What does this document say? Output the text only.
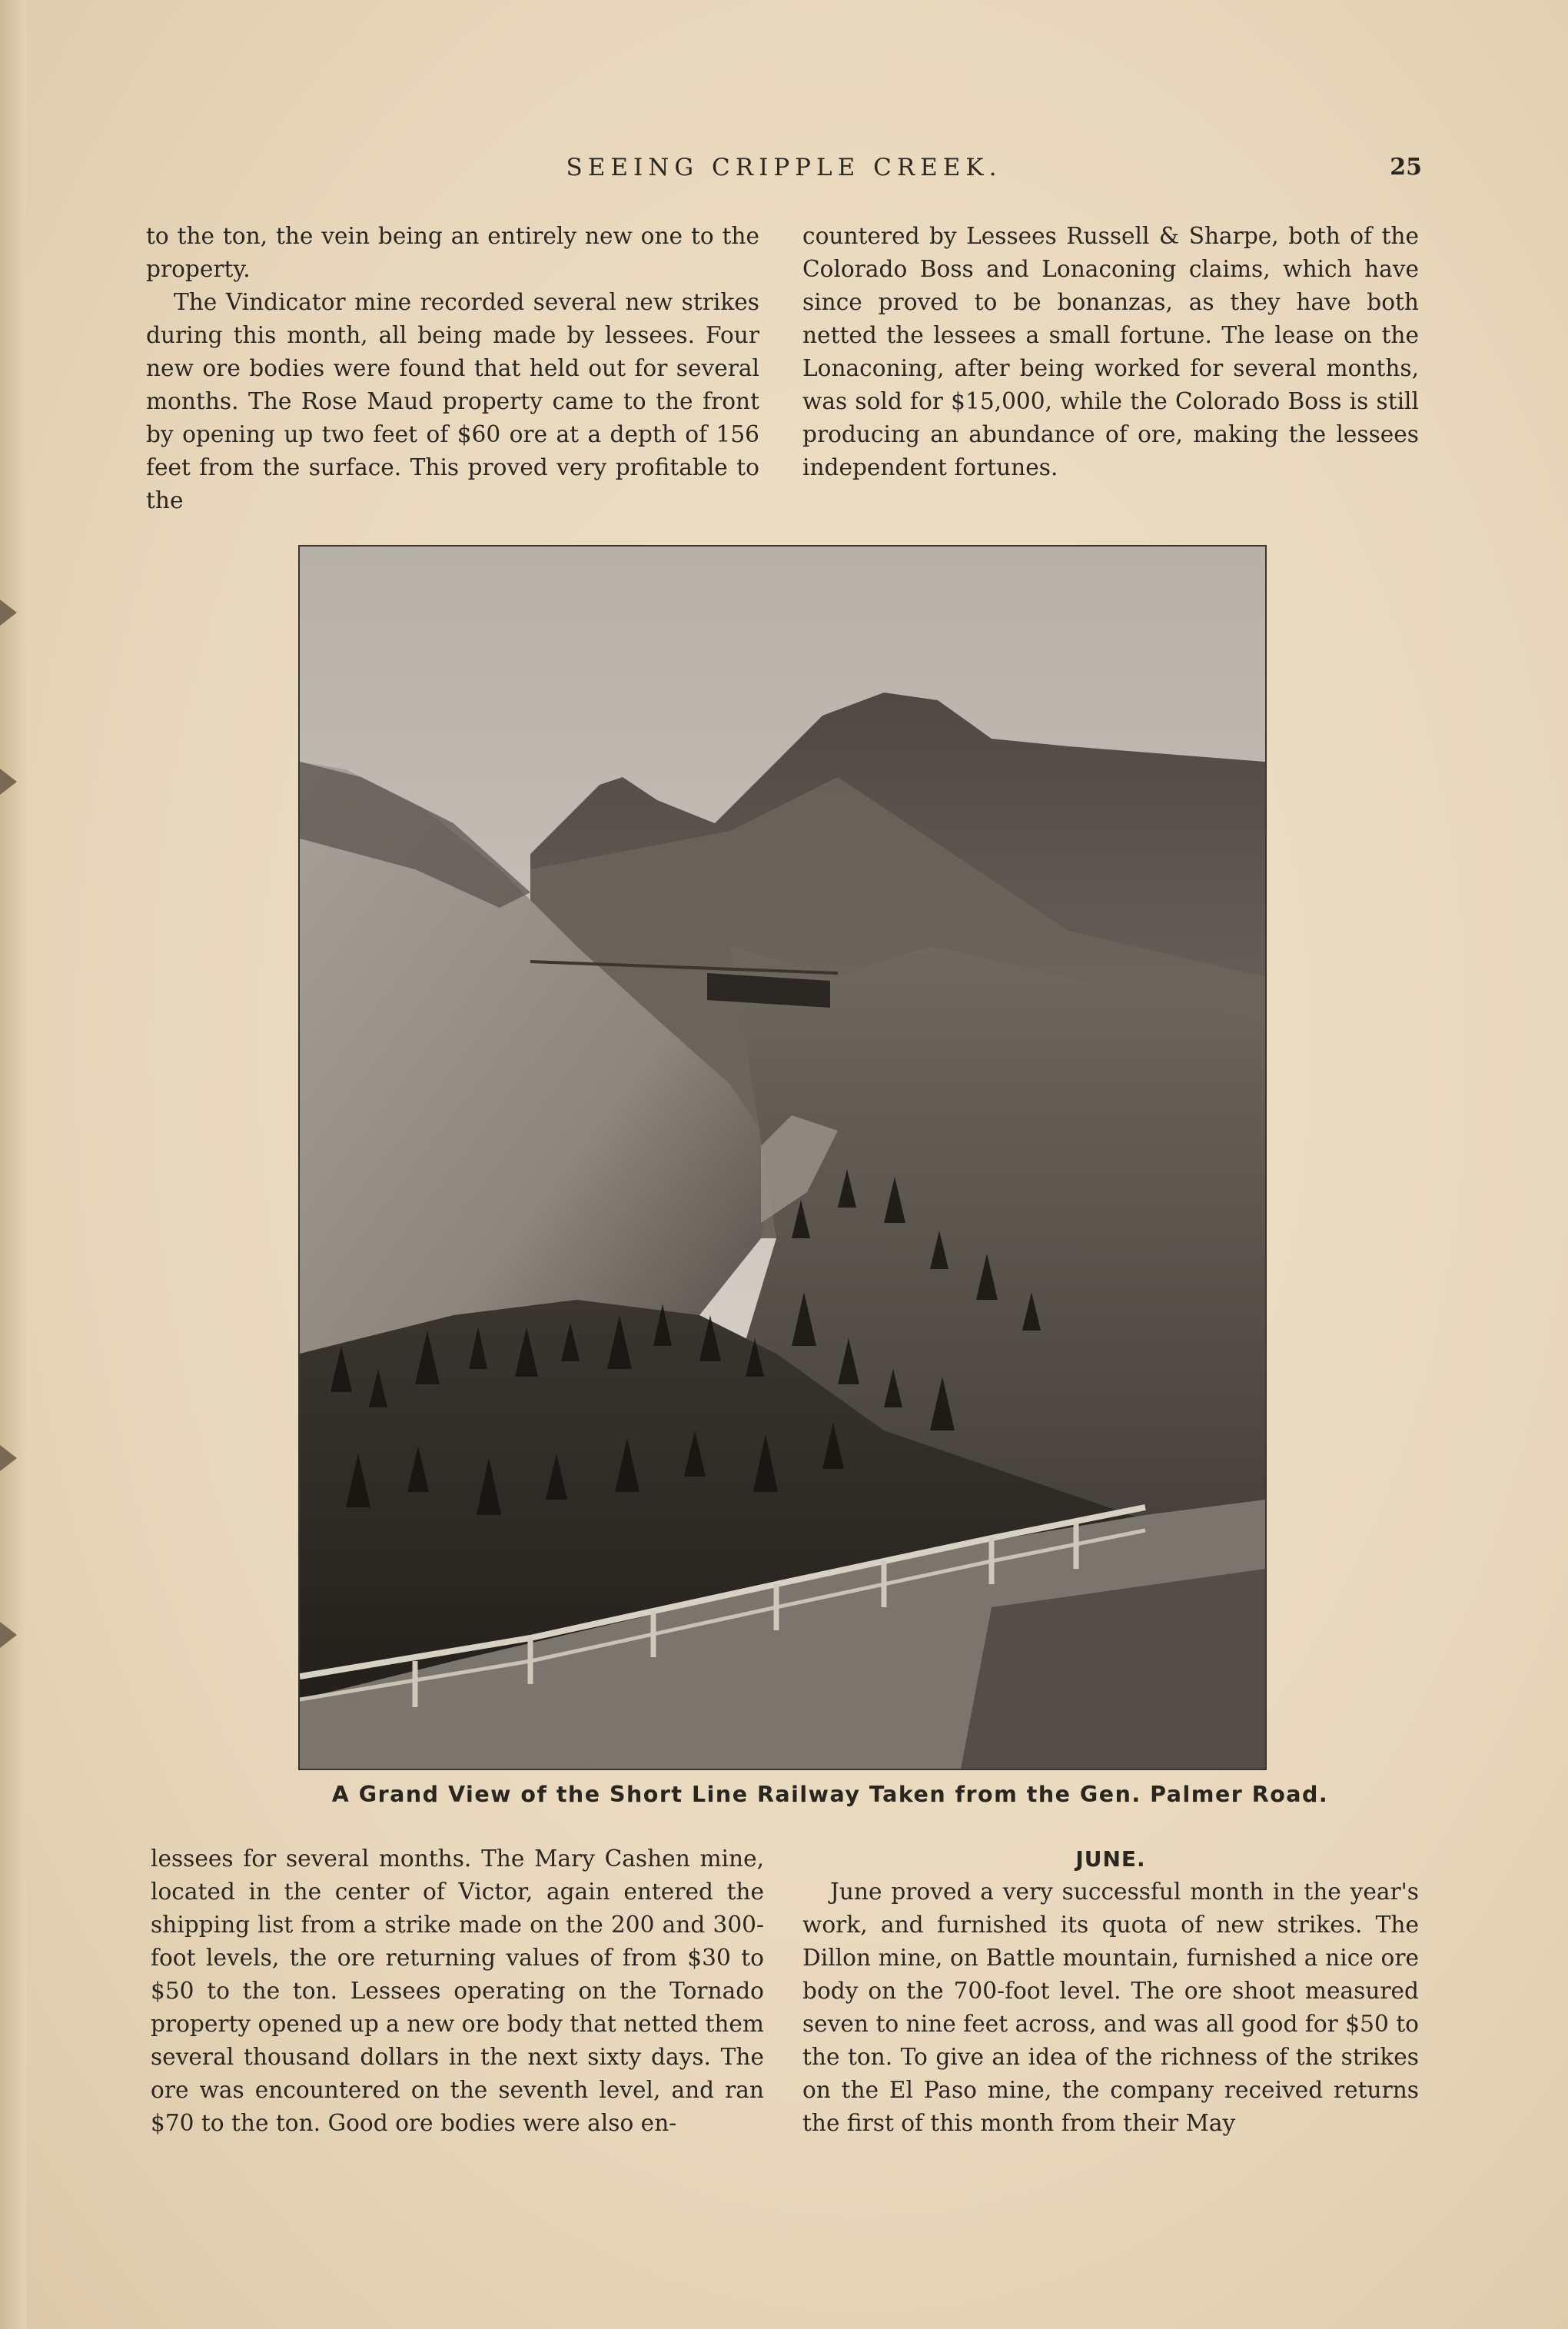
SEEING CRIPPLE CREEK.	25

to the ton, the vein being an entirely new one to the property.

The Vindicator mine recorded several new strikes during this month, all being made by lessees. Four new ore bodies were found that held out for several months. The Rose Maud property came to the front by opening up two feet of $60 ore at a depth of 156 feet from the surface. This proved very profitable to the

countered by Lessees Russell & Sharpe, both of the Colorado Boss and Lonaconing claims, which have since proved to be bonanzas, as they have both netted the lessees a small fortune. The lease on the Lonaconing, after being worked for several months, was sold for $15,000, while the Colorado Boss is still producing an abundance of ore, making the lessees independent fortunes.

A Grand View of the Short Line Railway Taken from the Gen. Palmer Road.

lessees for several months. The Mary Cashen mine, located in the center of Victor, again entered the shipping list from a strike made on the 200 and 300-foot levels, the ore returning values of from $30 to $50 to the ton. Lessees operating on the Tornado property opened up a new ore body that netted them several thousand dollars in the next sixty days. The ore was encountered on the seventh level, and ran $70 to the ton. Good ore bodies were also en-

JUNE.

June proved a very successful month in the year's work, and furnished its quota of new strikes. The Dillon mine, on Battle mountain, furnished a nice ore body on the 700-foot level. The ore shoot measured seven to nine feet across, and was all good for $50 to the ton. To give an idea of the richness of the strikes on the El Paso mine, the company received returns the first of this month from their May
